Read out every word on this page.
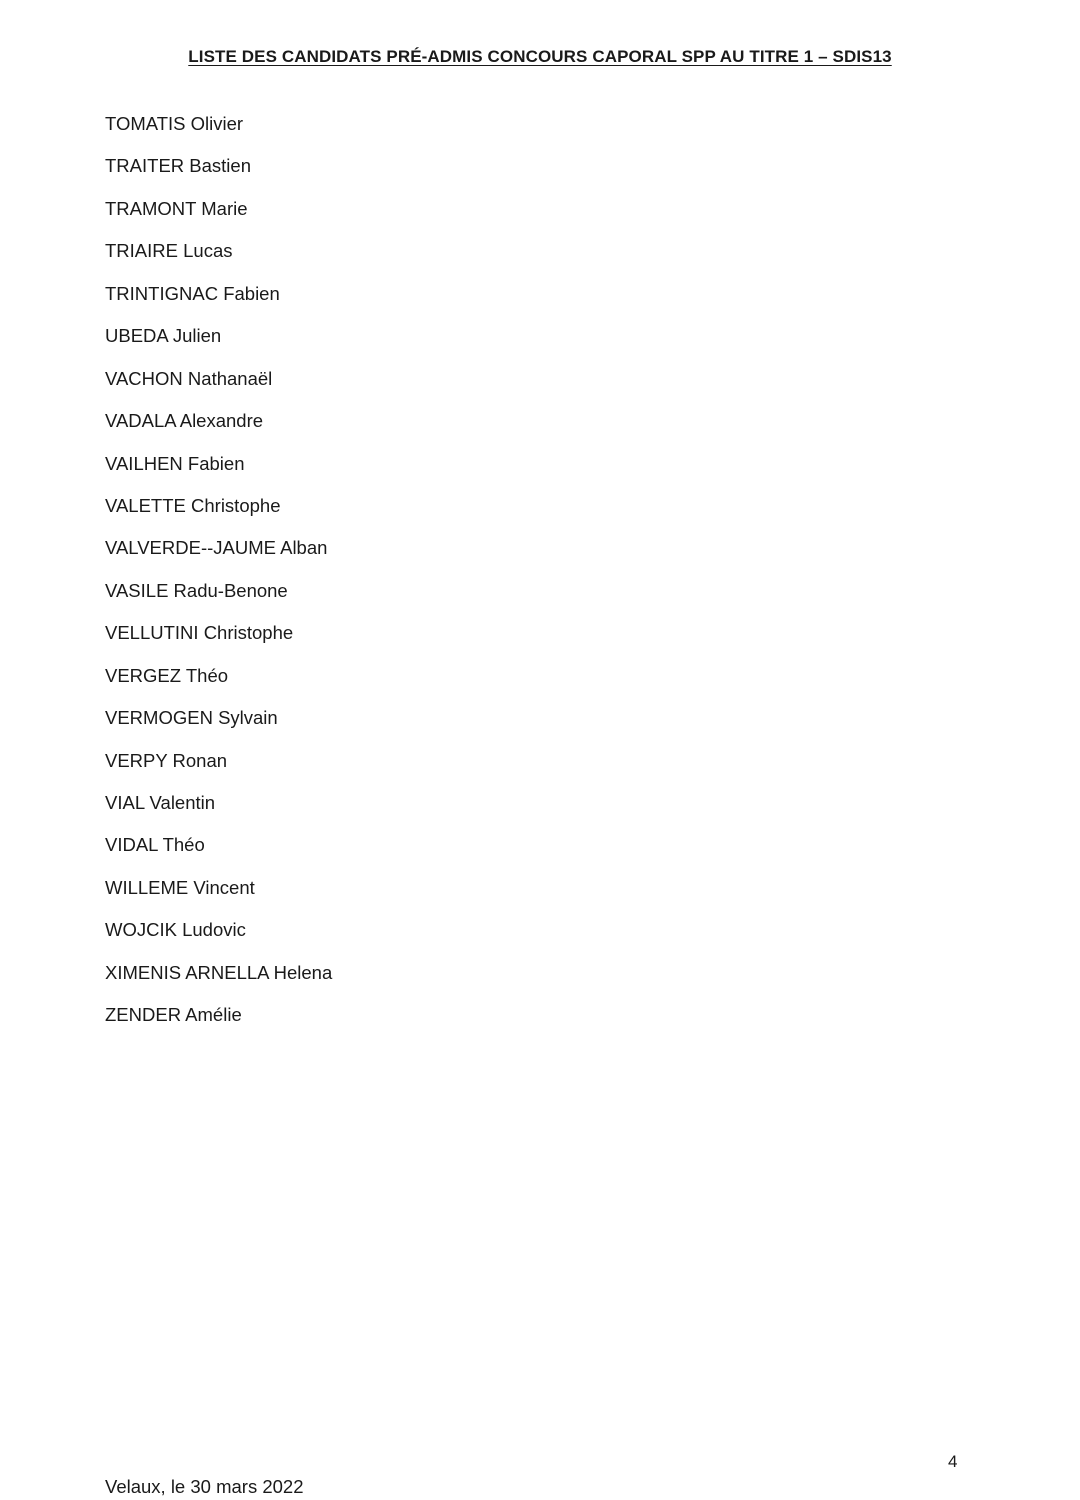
LISTE DES CANDIDATS PRÉ-ADMIS CONCOURS CAPORAL SPP AU TITRE 1 – SDIS13
TOMATIS Olivier
TRAITER Bastien
TRAMONT Marie
TRIAIRE Lucas
TRINTIGNAC Fabien
UBEDA Julien
VACHON Nathanaël
VADALA Alexandre
VAILHEN Fabien
VALETTE Christophe
VALVERDE--JAUME Alban
VASILE Radu-Benone
VELLUTINI Christophe
VERGEZ Théo
VERMOGEN Sylvain
VERPY Ronan
VIAL Valentin
VIDAL Théo
WILLEME Vincent
WOJCIK Ludovic
XIMENIS ARNELLA Helena
ZENDER Amélie
4
Velaux, le 30 mars 2022
